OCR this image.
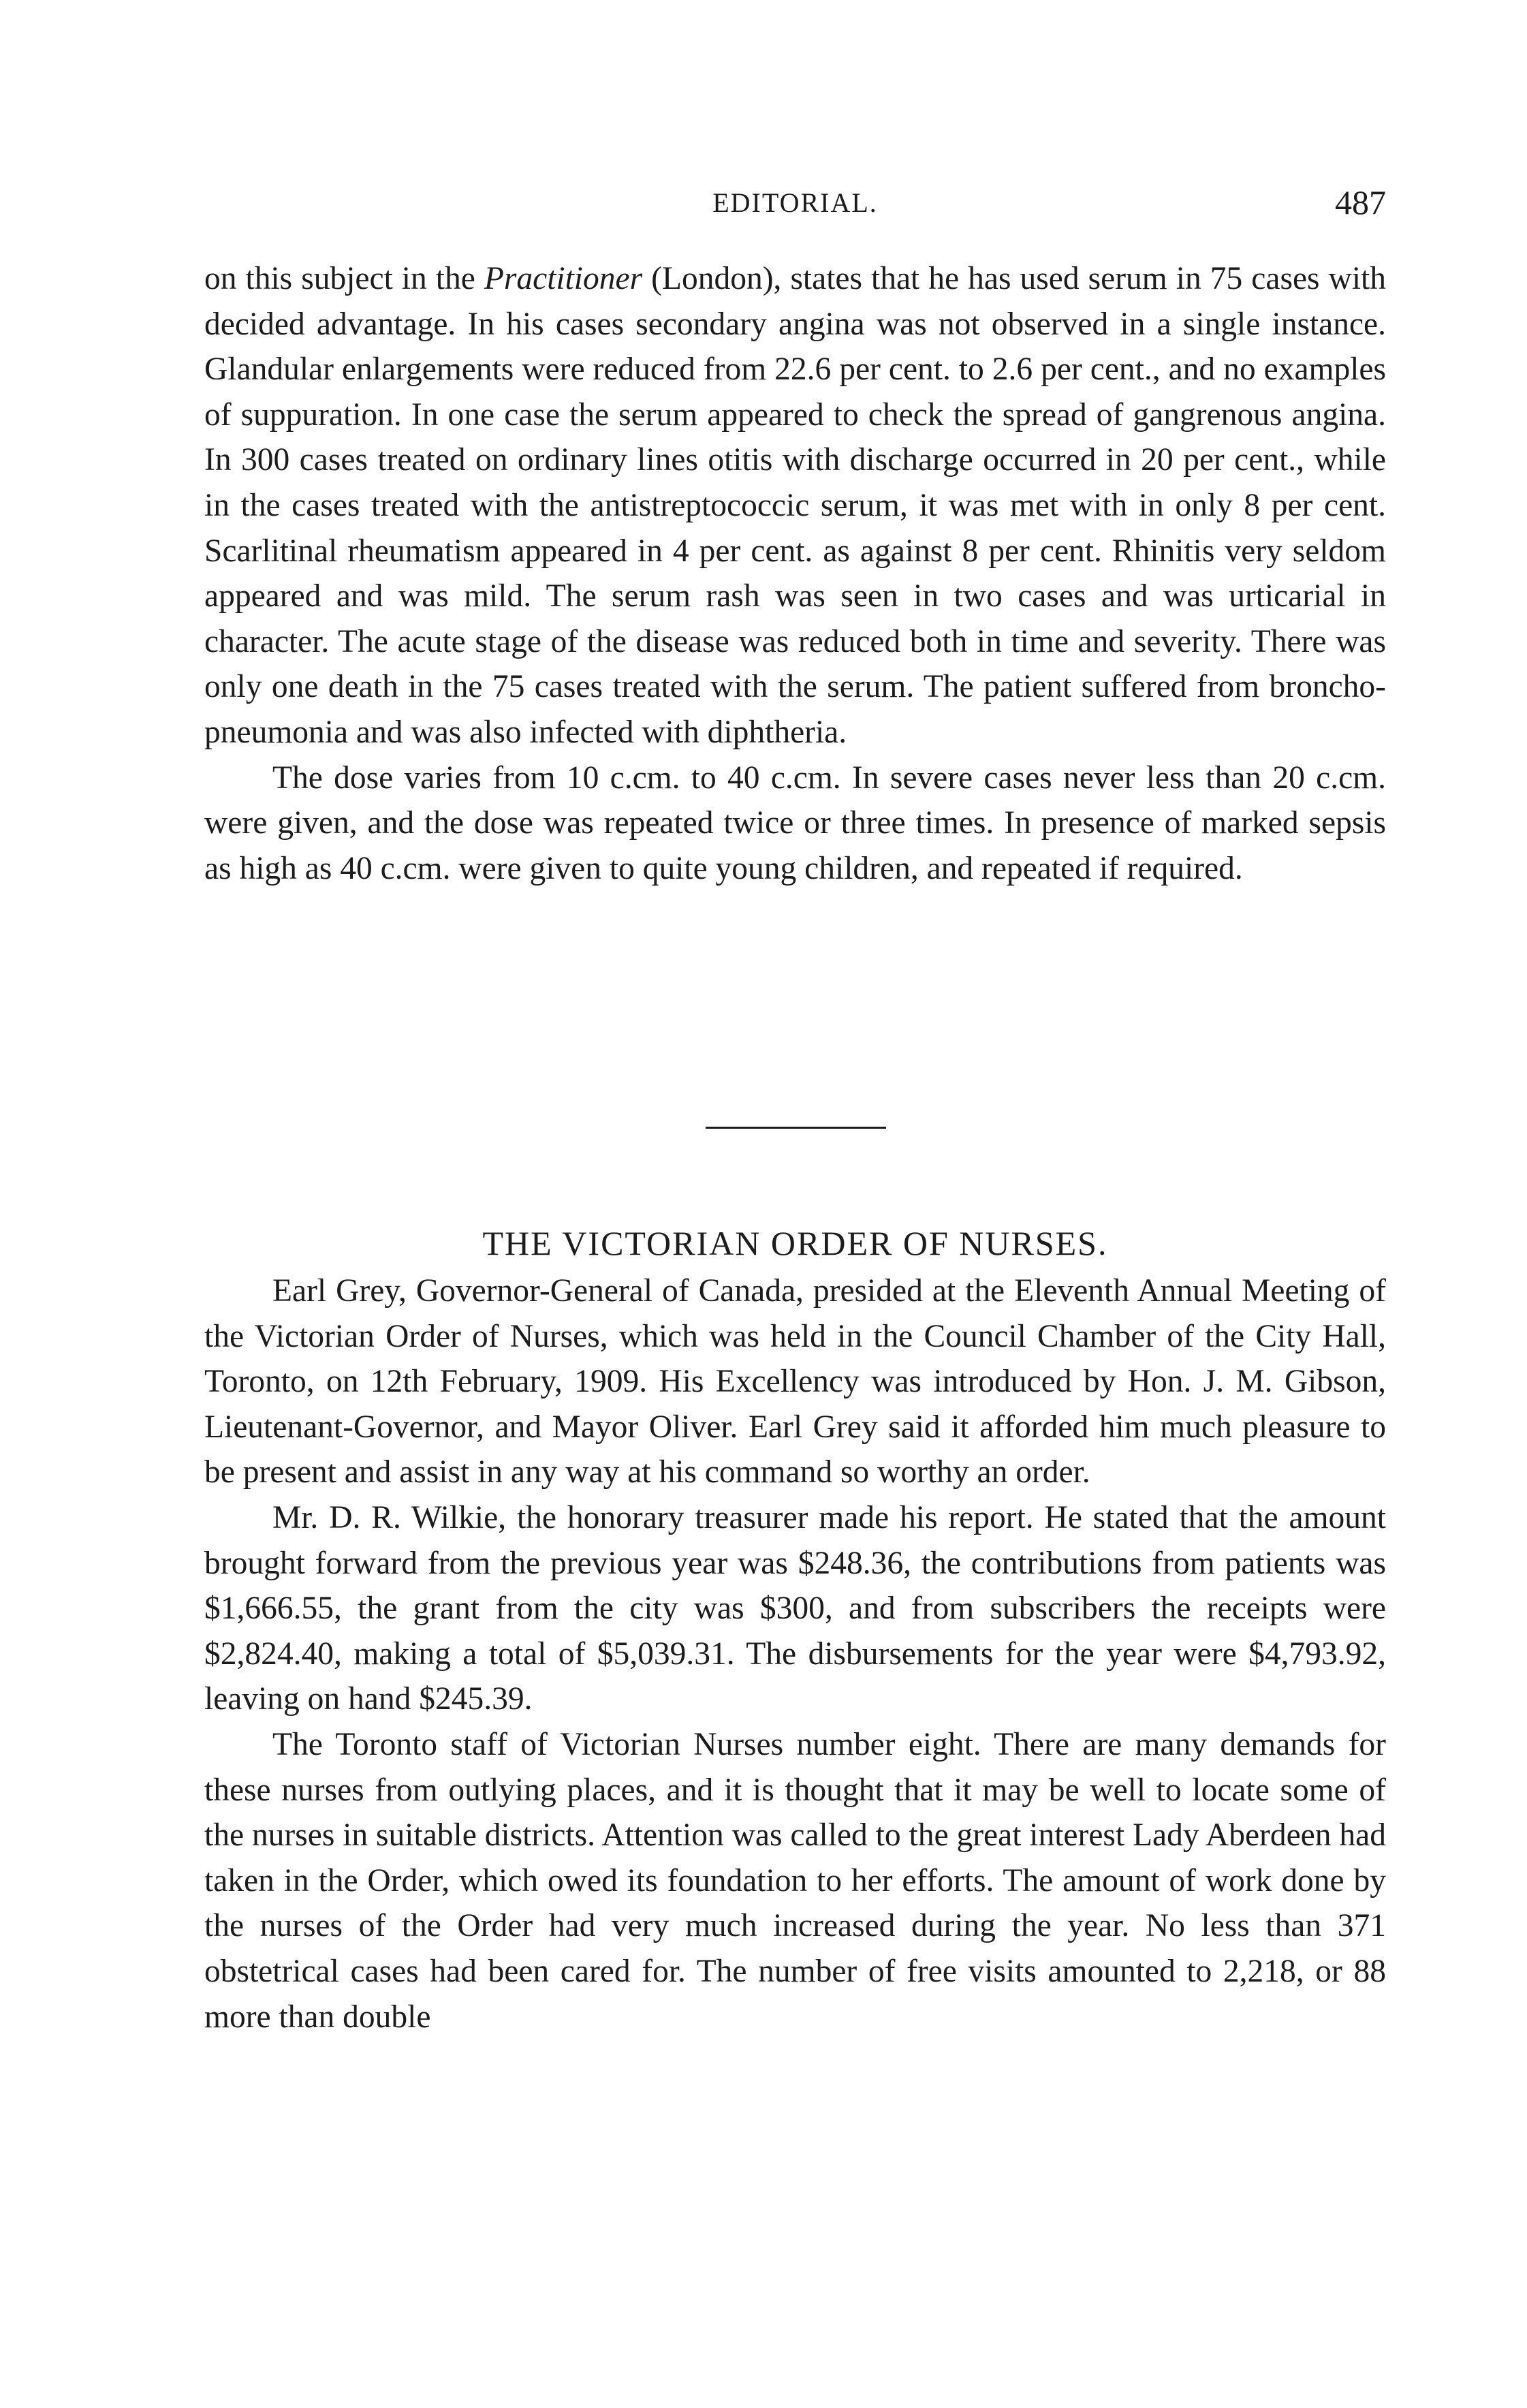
EDITORIAL.	487

on this subject in the Practitioner (London), states that he has used serum in 75 cases with decided advantage. In his cases secondary angina was not observed in a single instance. Glandular enlargements were reduced from 22.6 per cent. to 2.6 per cent., and no examples of suppuration. In one case the serum appeared to check the spread of gangrenous angina. In 300 cases treated on ordinary lines otitis with discharge occurred in 20 per cent., while in the cases treated with the antistreptococcic serum, it was met with in only 8 per cent. Scarlitinal rheumatism appeared in 4 per cent. as against 8 per cent. Rhinitis very seldom appeared and was mild. The serum rash was seen in two cases and was urticarial in character. The acute stage of the disease was reduced both in time and severity. There was only one death in the 75 cases treated with the serum. The patient suffered from broncho-pneumonia and was also infected with diphtheria.

The dose varies from 10 c.cm. to 40 c.cm. In severe cases never less than 20 c.cm. were given, and the dose was repeated twice or three times. In presence of marked sepsis as high as 40 c.cm. were given to quite young children, and repeated if required.

THE VICTORIAN ORDER OF NURSES.

Earl Grey, Governor-General of Canada, presided at the Eleventh Annual Meeting of the Victorian Order of Nurses, which was held in the Council Chamber of the City Hall, Toronto, on 12th February, 1909. His Excellency was introduced by Hon. J. M. Gibson, Lieutenant-Governor, and Mayor Oliver. Earl Grey said it afforded him much pleasure to be present and assist in any way at his command so worthy an order.

Mr. D. R. Wilkie, the honorary treasurer made his report. He stated that the amount brought forward from the previous year was $248.36, the contributions from patients was $1,666.55, the grant from the city was $300, and from subscribers the receipts were $2,824.40, making a total of $5,039.31. The disbursements for the year were $4,793.92, leaving on hand $245.39.

The Toronto staff of Victorian Nurses number eight. There are many demands for these nurses from outlying places, and it is thought that it may be well to locate some of the nurses in suitable districts. Attention was called to the great interest Lady Aberdeen had taken in the Order, which owed its foundation to her efforts. The amount of work done by the nurses of the Order had very much increased during the year. No less than 371 obstetrical cases had been cared for. The number of free visits amounted to 2,218, or 88 more than double
